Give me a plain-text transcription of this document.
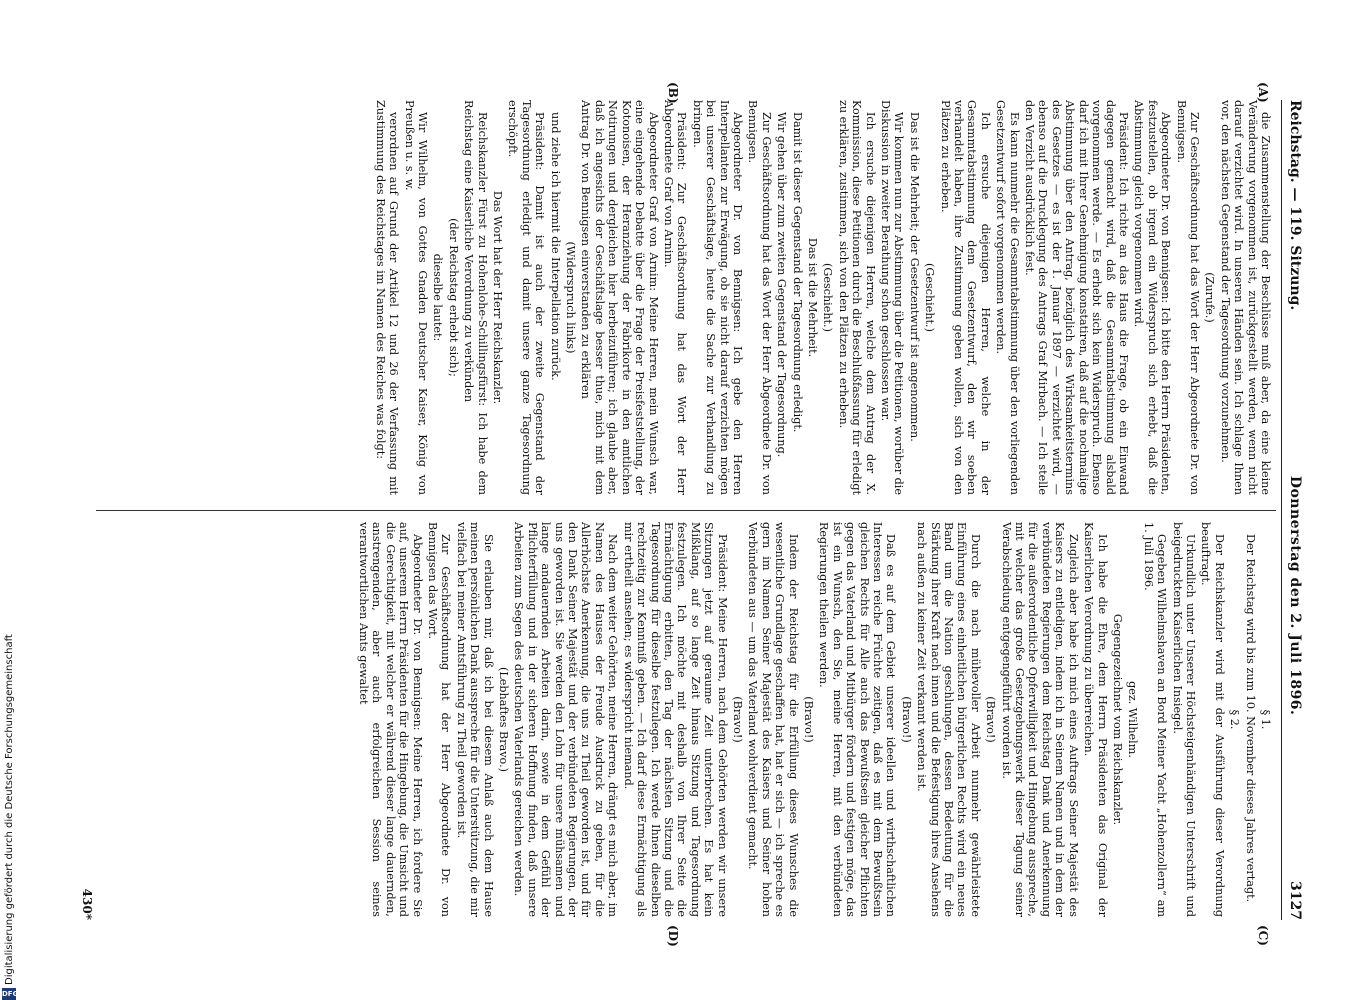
Reichstag. — 119. Sitzung.
Donnerstag den 2. Juli 1896.
3127
(A)
(B)
(C)
(D)

die Zusammenstellung der Beschlüsse muß aber, da eine kleine Veränderung vorgenommen ist, zurückgestellt werden, wenn nicht darauf verzichtet wird. In unseren Händen sein. Ich schlage Ihnen vor, den nächsten Gegenstand der Tagesordnung vorzunehmen.

(Zurufe.)

Zur Geschäftsordnung hat das Wort der Herr Abgeordnete Dr. von Bennigsen.

Abgeordneter Dr. von Bennigsen: Ich bitte den Herrn Präsidenten, festzustellen, ob irgend ein Widerspruch sich erhebt, daß die Abstimmung gleich vorgenommen wird.

Präsident: Ich richte an das Haus die Frage, ob ein Einwand dagegen gemacht wird, daß die Gesammtabstimmung alsbald vorgenommen werde. — Es erhebt sich kein Widerspruch. Ebenso darf ich mit Ihrer Genehmigung konstatiren, daß auf die nochmalige Abstimmung über den Antrag, bezüglich des Wirksamkeitstermins des Gesetzes — es ist der 1. Januar 1897 — verzichtet wird, — ebenso auf die Drucklegung des Antrags Graf Mirbach. — Ich stelle den Verzicht ausdrücklich fest.

Es kann nunmehr die Gesammtabstimmung über den vorliegenden Gesetzentwurf sofort vorgenommen werden.

Ich ersuche diejenigen Herren, welche in der Gesammtabstimmung dem Gesetzentwurf, den wir soeben verhandelt haben, ihre Zustimmung geben wollen, sich von den Plätzen zu erheben.

(Geschieht.)

Das ist die Mehrheit; der Gesetzentwurf ist angenommen.

Wir kommen nun zur Abstimmung über die Petitionen, worüber die Diskussion in zweiter Berathung schon geschlossen war.

Ich ersuche diejenigen Herren, welche dem Antrag der X. Kommission, diese Petitionen durch die Beschlußfassung für erledigt zu erklären, zustimmen, sich von den Plätzen zu erheben.

(Geschieht.)

Das ist die Mehrheit.

Damit ist dieser Gegenstand der Tagesordnung erledigt.

Wir gehen über zum zweiten Gegenstand der Tagesordnung.

Zur Geschäftsordnung hat das Wort der Herr Abgeordnete Dr. von Bennigsen.

Abgeordneter Dr. von Bennigsen: Ich gebe den Herren Interpellanten zur Erwägung, ob sie nicht darauf verzichten mögen bei unserer Geschäftslage, heute die Sache zur Verhandlung zu bringen.

Präsident: Zur Geschäftsordnung hat das Wort der Herr Abgeordnete Graf von Arnim.

Abgeordneter Graf von Arnim: Meine Herren, mein Wunsch war, eine eingehende Debatte über die Frage der Preisfeststellung, der Kotonoisen, der Heranziehung der Fabrikorte in den amtlichen Notirungen und dergleichen hier herbeizuführen; ich glaube aber, daß ich angesichts der Geschäftslage besser thue, mich mit dem Antrag Dr. von Bennigsen einverstanden zu erklären

(Widerspruch links)

und ziehe ich hiermit die Interpellation zurück.

Präsident: Damit ist auch der zweite Gegenstand der Tagesordnung erledigt und damit unsere ganze Tagesordnung erschöpft.

Das Wort hat der Herr Reichskanzler.

Reichskanzler Fürst zu Hohenlohe-Schillingsfürst: Ich habe dem Reichstag eine Kaiserliche Verordnung zu verkünden

(der Reichstag erhebt sich);

dieselbe lautet:

Wir Wilhelm, von Gottes Gnaden Deutscher Kaiser, König von Preußen u. s. w.

verordnen auf Grund der Artikel 12 und 26 der Verfassung mit Zustimmung des Reichstages im Namen des Reiches was folgt:

§ 1.

Der Reichstag wird bis zum 10. November dieses Jahres vertagt.

§ 2.

Der Reichskanzler wird mit der Ausführung dieser Verordnung beauftragt.

Urkundlich unter Unserer Höchsteigenhändigen Unterschrift und beigedrucktem Kaiserlichen Insiegel.

Gegeben Wilhelmshaven an Bord Meiner Yacht „Hohenzollern“ am 1. Juli 1896.

gez. Wilhelm.

Gegengezeichnet vom Reichskanzler.

Ich habe die Ehre, dem Herrn Präsidenten das Original der Kaiserlichen Verordnung zu überreichen.

Zugleich aber habe ich mich eines Auftrags Seiner Majestät des Kaisers zu entledigen, indem ich in Seinem Namen und in dem der verbündeten Regierungen dem Reichstag Dank und Anerkennung für die außerordentliche Opferwilligkeit und Hingebung ausspreche, mit welcher das große Gesetzgebungswerk dieser Tagung seiner Verabschiedung entgegengeführt worden ist.

(Bravo!)

Durch die nach mühevoller Arbeit nunmehr gewährleistete Einführung eines einheitlichen bürgerlichen Rechts wird ein neues Band um die Nation geschlungen, dessen Bedeutung für die Stärkung ihrer Kraft nach innen und die Befestigung ihres Ansehens nach außen zu keiner Zeit verkannt werden ist.

(Bravo!)

Daß es auf dem Gebiet unserer ideellen und wirthschaftlichen Interessen reiche Früchte zeitigen, daß es mit dem Bewußtsein gleichen Rechts für Alle auch das Bewußtsein gleicher Pflichten gegen das Vaterland und Mitbürger fördern und festigen möge, das ist ein Wunsch, den Sie, meine Herren, mit den verbündeten Regierungen theilen werden.

(Bravo!)

Indem der Reichstag für die Erfüllung dieses Wunsches die wesentliche Grundlage geschaffen hat, hat er sich — ich spreche es gern im Namen Seiner Majestät des Kaisers und Seiner hohen Verbündeten aus — um das Vaterland wohlverdient gemacht.

(Bravo!)

Präsident: Meine Herren, nach dem Gehörten werden wir unsere Sitzungen jetzt auf geraume Zeit unterbrechen. Es hat kein Mißklang, auf so lange Zeit hinaus Sitzung und Tagesordnung festzulegen. Ich möchte mit deshalb von Ihrer Seite die Ermächtigung erbitten, den Tag der nächsten Sitzung und die Tagesordnung für dieselbe festzulegen. Ich werde Ihnen dieselben rechtzeitig zur Kenntniß geben. — Ich darf diese Ermächtigung als mir ertheilt ansehen; es widerspricht niemand.

Nach dem weiter Gehörten, meine Herren, drängt es mich aber, im Namen des Hauses der Freude Ausdruck zu geben, für die Allerhöchste Anerkennung, die uns zu Theil geworden ist, und für den Dank Seiner Majestät und der verbündeten Regierungen, der uns geworden ist. Sie werden den Lohn für unsere mühsamen und lange andauernden Arbeiten darin, sowie in dem Gefühl der Pflichterfüllung und in der sicheren Hoffnung finden, daß unsere Arbeiten zum Segen des deutschen Vaterlands gereichen werden.

(Lebhaftes Bravo.)

Sie erlauben mir, daß ich bei diesem Anlaß auch dem Hause meinen persönlichen Dank ausspreche für die Unterstützung, die mir vielfach bei meiner Amtsführung zu Theil geworden ist.

Zur Geschäftsordnung hat der Herr Abgeordnete Dr. von Bennigsen das Wort.

Abgeordneter Dr. von Bennigsen: Meine Herren, ich fordere Sie auf, unserem Herrn Präsidenten für die Hingebung, die Umsicht und die Gerechtigkeit, mit welcher er während dieser lange dauernden, anstrengenden, aber auch erfolgreichen Session seines verantwortlichen Amts gewaltet

430*
Digitalisierung gefördert durch die Deutsche Forschungsgemeinschaft
DFG
